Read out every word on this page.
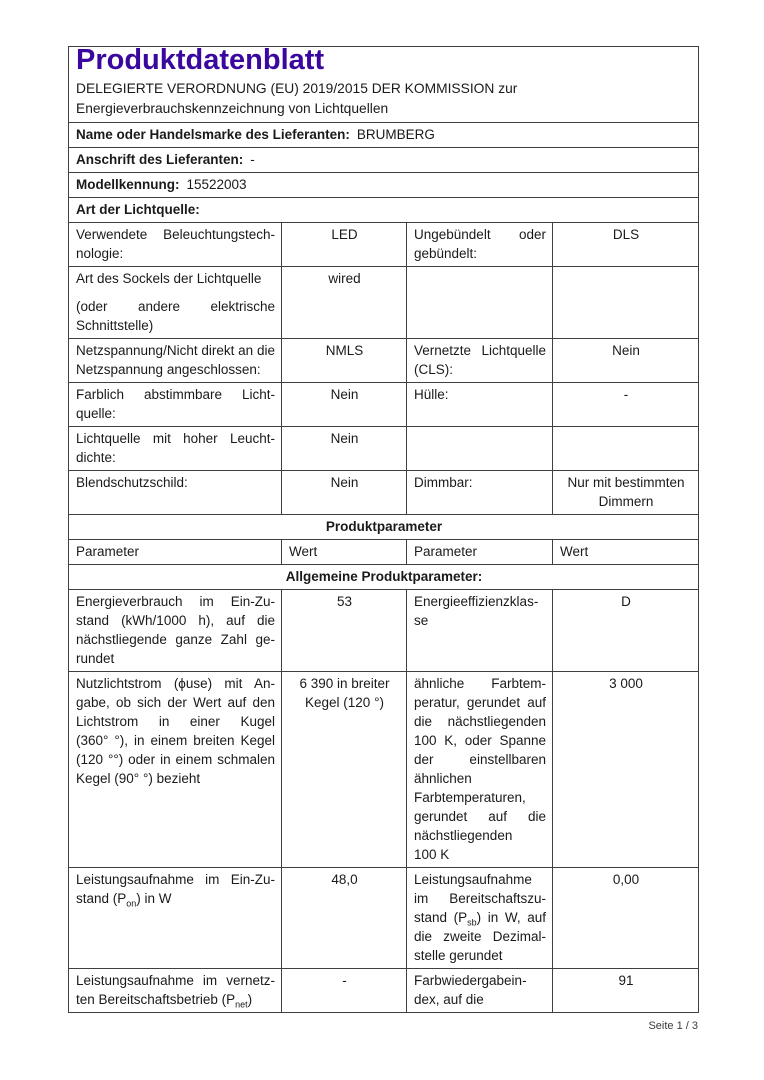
Produktdatenblatt
DELEGIERTE VERORDNUNG (EU) 2019/2015 DER KOMMISSION zur
Energieverbrauchskennzeichnung von Lichtquellen			

Name oder Handelsmarke des Lieferanten: BRUMBERG			
Anschrift des Lieferanten: -			
Modellkennung: 15522003			
Art der Lichtquelle:			
Verwendete Beleuchtungstechnologie:	LED	Ungebündelt oder gebündelt:	DLS

Art des Sockels der Lichtquelle
(oder andere elektrische Schnittstelle)	wired		
Netzspannung/Nicht direkt an die Netzspannung angeschlossen:	NMLS	Vernetzte Lichtquelle (CLS):	Nein
Farblich abstimmbare Lichtquelle:	Nein	Hülle:	-
Lichtquelle mit hoher Leuchtdichte:	Nein		
Blendschutzschild:	Nein	Dimmbar:	Nur mit bestimmten Dimmern
Produktparameter			
Parameter	Wert	Parameter	Wert
Allgemeine Produktparameter:			
Energieverbrauch im Ein-Zustand (kWh/1000 h), auf die nächstliegende ganze Zahl gerundet	53	Energieeffizienzklasse	D
Nutzlichtstrom (ϕuse) mit Angabe, ob sich der Wert auf den Lichtstrom in einer Kugel (360° °), in einem breiten Kegel (120 °°) oder in einem schmalen Kegel (90° °) bezieht	6 390 in breiter Kegel (120 °)	ähnliche Farbtemperatur, gerundet auf die nächstliegenden 100 K, oder Spanne der einstellbaren ähnlichen Farbtemperaturen, gerundet auf die nächstliegenden 100 K	3 000
Leistungsaufnahme im Ein-Zustand $(P_{on})$ in W	48,0	Leistungsaufnahme im Bereitschaftszustand $(P_{sb})$ in W, auf die zweite Dezimalstelle gerundet	0,00
Leistungsaufnahme im vernetzten Bereitschaftsbetrieb $(P_{net})$	-	Farbwiedergabeindex, auf die	91
Seite 1 / 3
